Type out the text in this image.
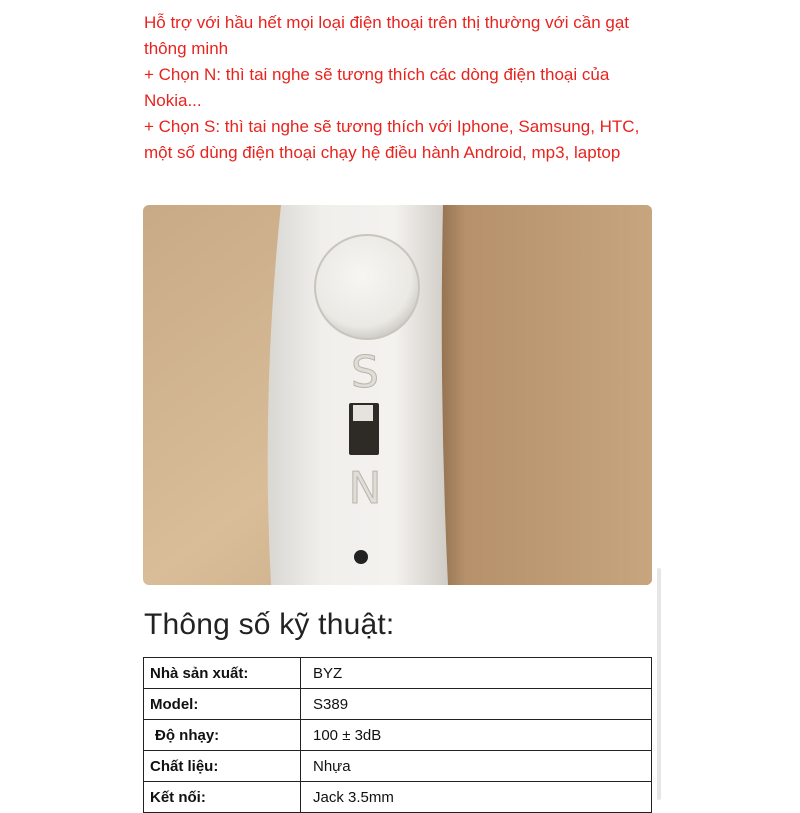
Hỗ trợ với hầu hết mọi loại điện thoại trên thị thường với cần gạt thông minh

+ Chọn N: thì tai nghe sẽ tương thích các dòng điện thoại của Nokia...

+ Chọn S: thì tai nghe sẽ tương thích với Iphone, Samsung, HTC, một số dùng điện thoại chạy hệ điều hành Android, mp3, laptop

S
N
Thông số kỹ thuật:
Nhà sản xuất:	BYZ
Model:	S389
Độ nhạy:	100 ± 3dB
Chất liệu:	Nhựa
Kết nối:	Jack 3.5mm
